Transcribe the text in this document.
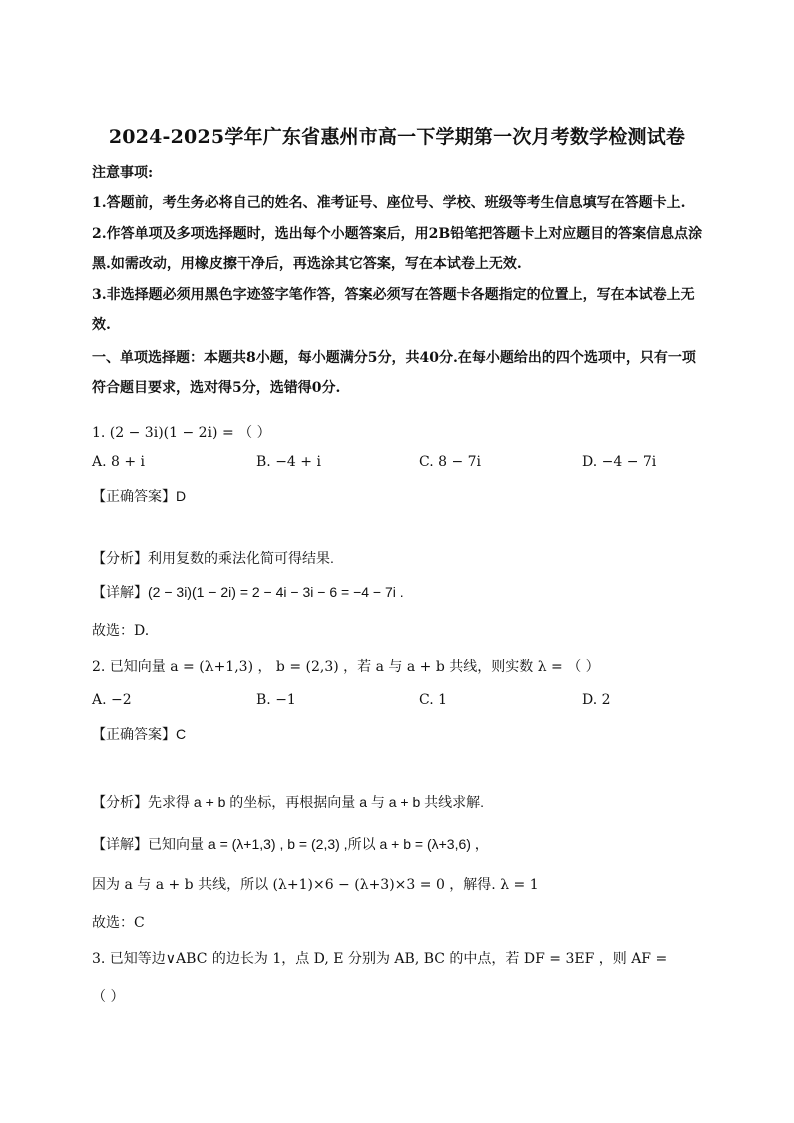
2024-2025学年广东省惠州市高一下学期第一次月考数学检测试卷
注意事项:
1.答题前，考生务必将自己的姓名、准考证号、座位号、学校、班级等考生信息填写在答题卡上.
2.作答单项及多项选择题时，选出每个小题答案后，用2B铅笔把答题卡上对应题目的答案信息点涂黑.如需改动，用橡皮擦干净后，再选涂其它答案，写在本试卷上无效.
3.非选择题必须用黑色字迹签字笔作答，答案必须写在答题卡各题指定的位置上，写在本试卷上无效.
一、单项选择题：本题共8小题，每小题满分5分，共40分.在每小题给出的四个选项中，只有一项符合题目要求，选对得5分，选错得0分.
1. (2 − 3i)(1 − 2i) = （ ）
A. 8 + i	B. −4 + i	C. 8 − 7i	D. −4 − 7i
【正确答案】D
【分析】利用复数的乘法化简可得结果.
【详解】(2 − 3i)(1 − 2i) = 2 − 4i − 3i − 6 = −4 − 7i .
故选：D.
2. 已知向量 a = (λ+1,3) ， b = (2,3) ，若 a 与 a + b 共线，则实数 λ = （ ）
A. −2	B. −1	C. 1	D. 2
【正确答案】C
【分析】先求得 a + b 的坐标，再根据向量 a 与 a + b 共线求解.
【详解】已知向量 a = (λ+1,3) , b = (2,3) ,所以 a + b = (λ+3,6) ，
因为 a 与 a + b 共线，所以 (λ+1)×6 − (λ+3)×3 = 0 ，解得. λ = 1
故选：C
3. 已知等边∨ABC 的边长为 1，点 D, E 分别为 AB, BC 的中点，若 DF = 3EF ，则 AF =
（ ）
